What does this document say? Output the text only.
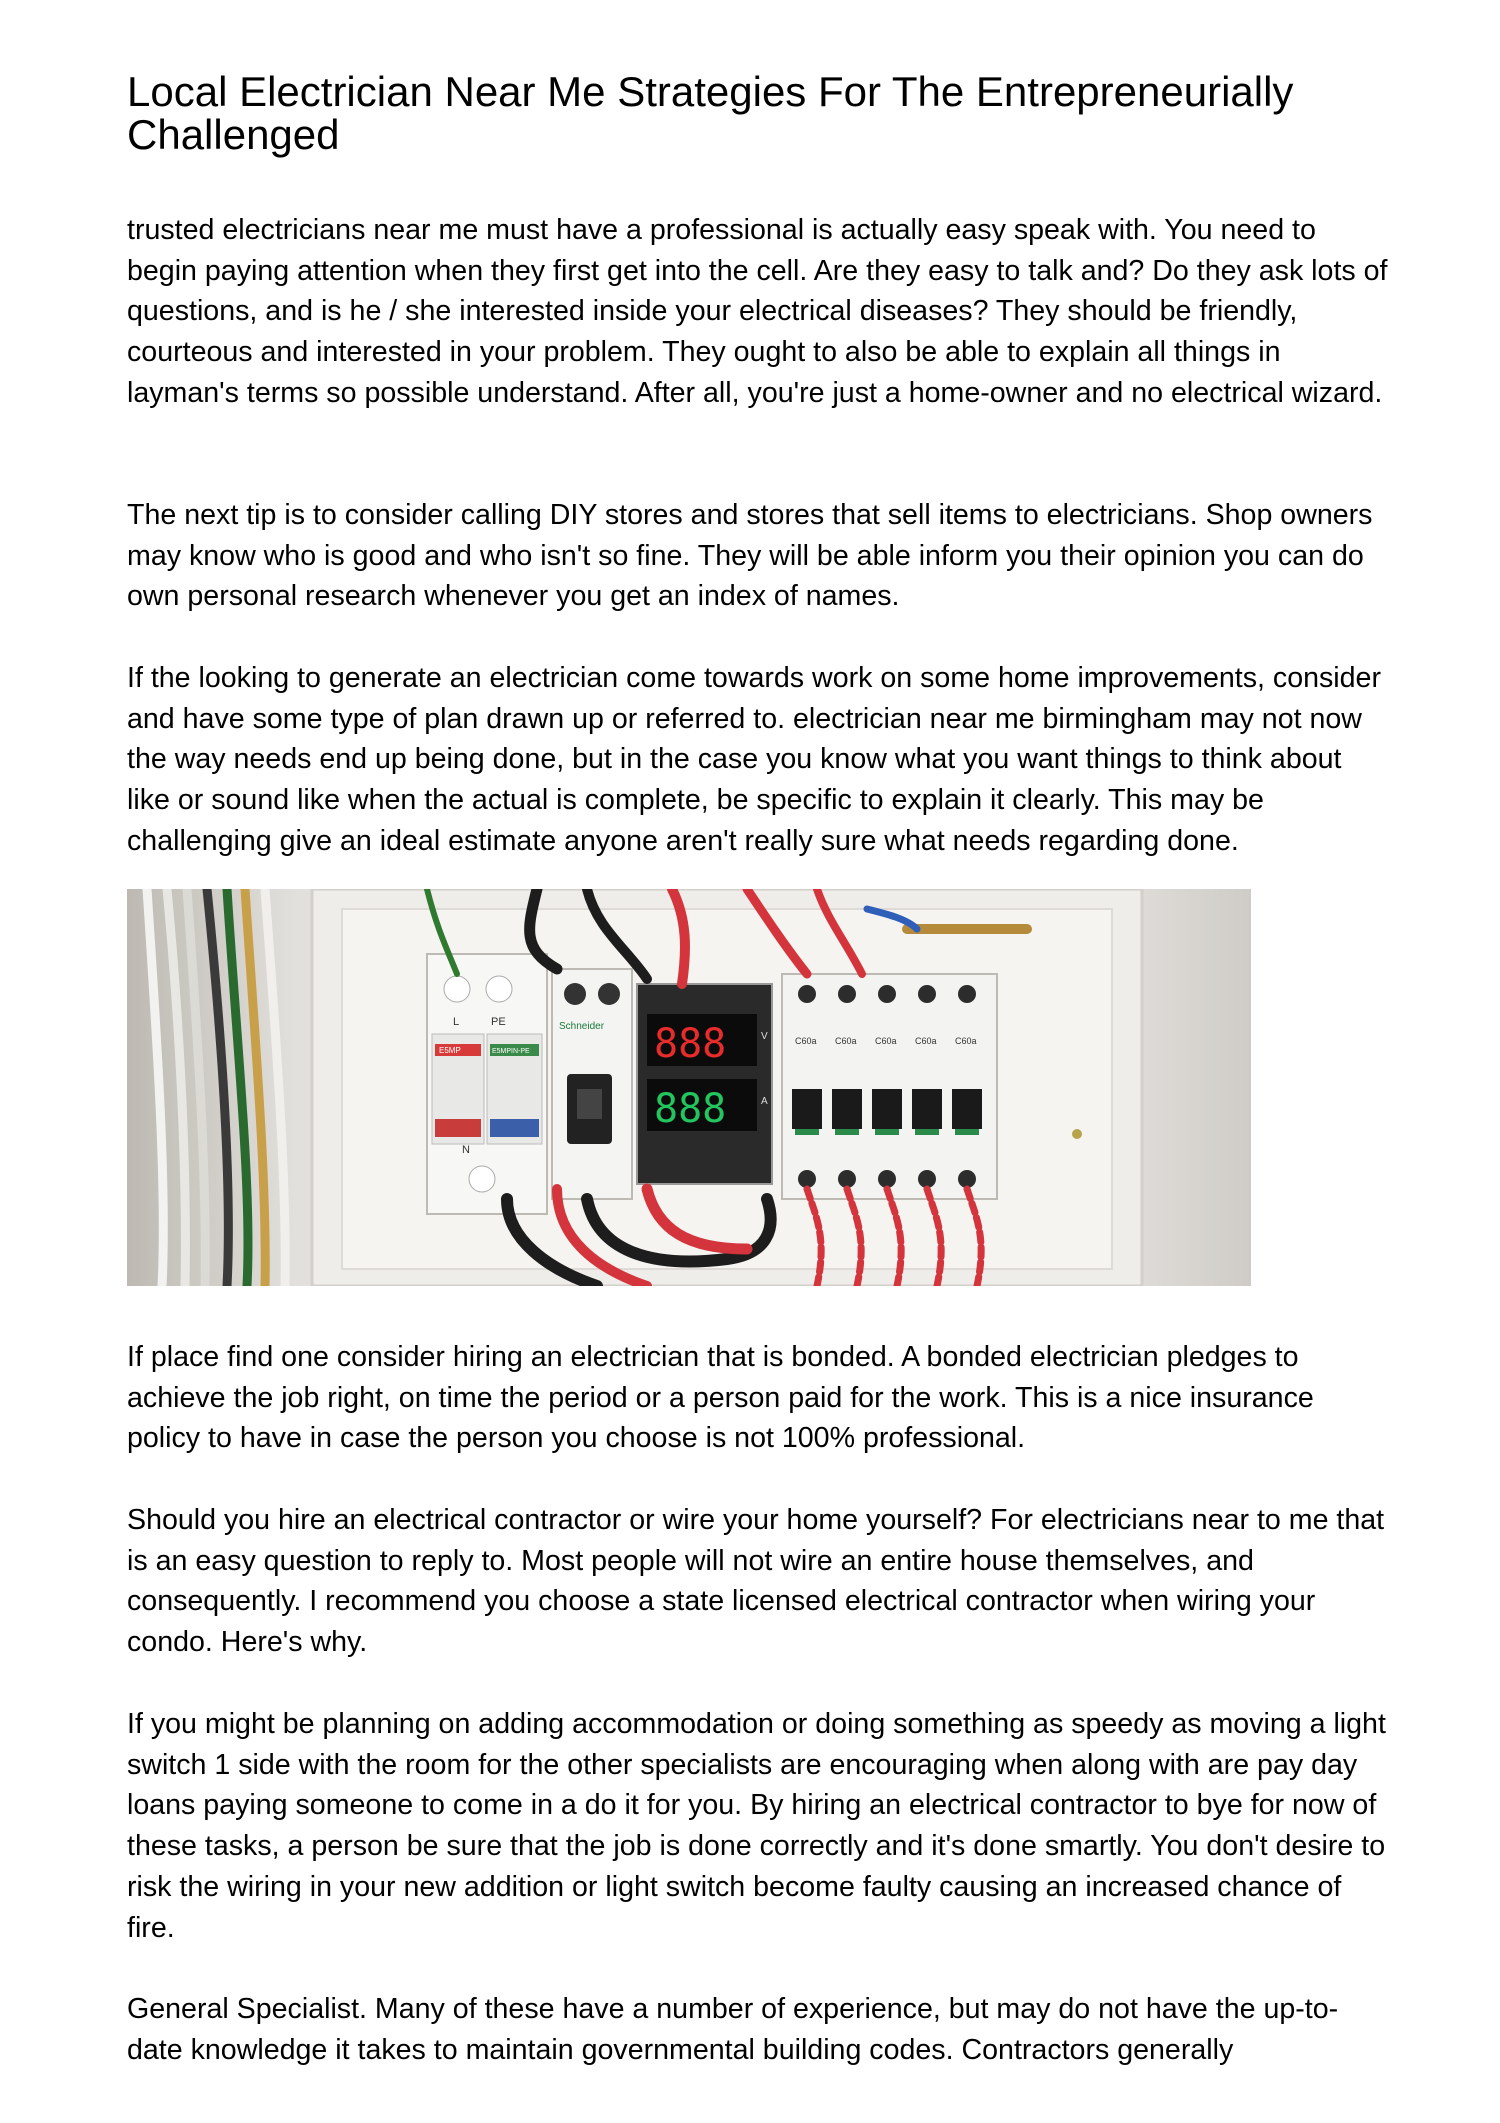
Local Electrician Near Me Strategies For The Entrepreneurially Challenged

trusted electricians near me must have a professional is actually easy speak with. You need to begin paying attention when they first get into the cell. Are they easy to talk and? Do they ask lots of questions, and is he / she interested inside your electrical diseases? They should be friendly, courteous and interested in your problem. They ought to also be able to explain all things in layman's terms so possible understand. After all, you're just a home-owner and no electrical wizard.

The next tip is to consider calling DIY stores and stores that sell items to electricians. Shop owners may know who is good and who isn't so fine. They will be able inform you their opinion you can do own personal research whenever you get an index of names.

If the looking to generate an electrician come towards work on some home improvements, consider and have some type of plan drawn up or referred to. electrician near me birmingham may not now the way needs end up being done, but in the case you know what you want things to think about like or sound like when the actual is complete, be specific to explain it clearly. This may be challenging give an ideal estimate anyone aren't really sure what needs regarding done.

L	PE
E5MP	E5MPIN-PE
N
Schneider 888
888
V
A
C60a C60a C60a C60a C60a

If place find one consider hiring an electrician that is bonded. A bonded electrician pledges to achieve the job right, on time the period or a person paid for the work. This is a nice insurance policy to have in case the person you choose is not 100% professional.

Should you hire an electrical contractor or wire your home yourself? For electricians near to me that is an easy question to reply to. Most people will not wire an entire house themselves, and consequently. I recommend you choose a state licensed electrical contractor when wiring your condo. Here's why.

If you might be planning on adding accommodation or doing something as speedy as moving a light switch 1 side with the room for the other specialists are encouraging when along with are pay day loans paying someone to come in a do it for you. By hiring an electrical contractor to bye for now of these tasks, a person be sure that the job is done correctly and it's done smartly. You don't desire to risk the wiring in your new addition or light switch become faulty causing an increased chance of fire.

General Specialist. Many of these have a number of experience, but may do not have the up-to-date knowledge it takes to maintain governmental building codes. Contractors generally
